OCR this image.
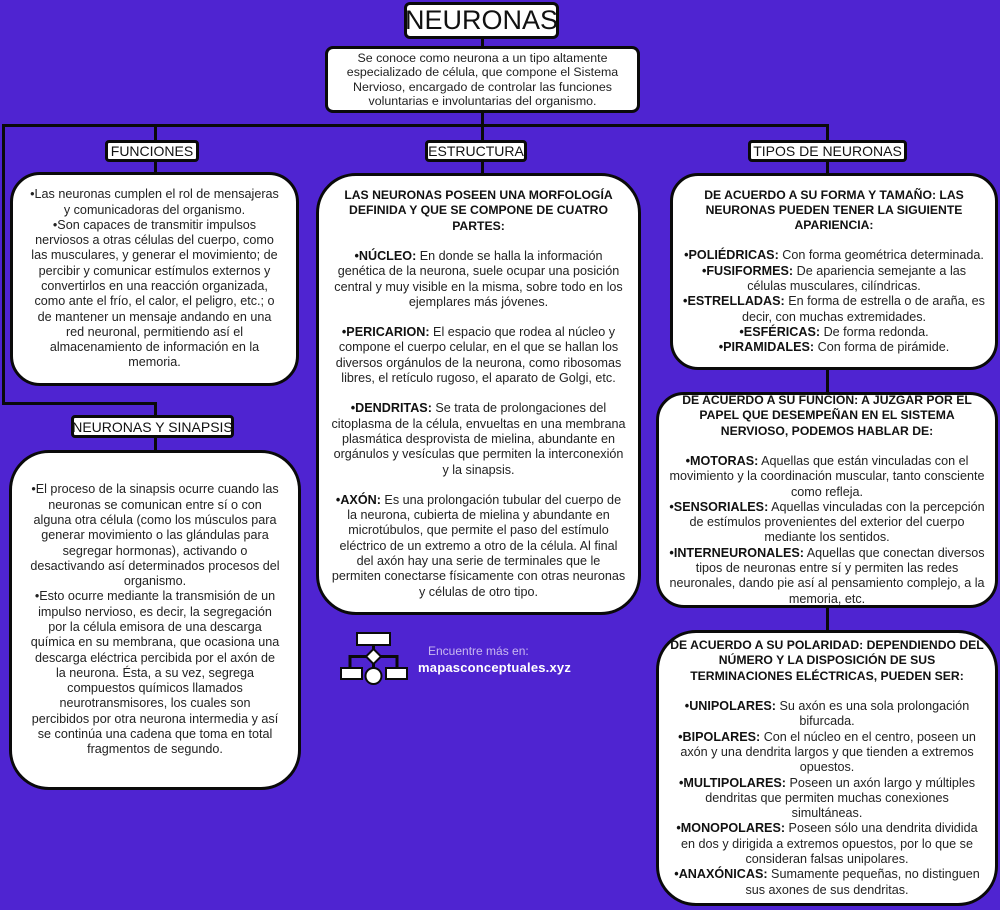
NEURONAS

Se conoce como neurona a un tipo altamente especializado de célula, que compone el Sistema Nervioso, encargado de controlar las funciones voluntarias e involuntarias del organismo.

FUNCIONES

•Las neuronas cumplen el rol de mensajeras y comunicadoras del organismo.

•Son capaces de transmitir impulsos nerviosos a otras células del cuerpo, como las musculares, y generar el movimiento; de percibir y comunicar estímulos externos y convertirlos en una reacción organizada, como ante el frío, el calor, el peligro, etc.; o de mantener un mensaje andando en una red neuronal, permitiendo así el almacenamiento de información en la memoria.

NEURONAS Y SINAPSIS

•El proceso de la sinapsis ocurre cuando las neuronas se comunican entre sí o con alguna otra célula (como los músculos para generar movimiento o las glándulas para segregar hormonas), activando o desactivando así determinados procesos del organismo.

•Esto ocurre mediante la transmisión de un impulso nervioso, es decir, la segregación por la célula emisora de una descarga química en su membrana, que ocasiona una descarga eléctrica percibida por el axón de la neurona. Ésta, a su vez, segrega compuestos químicos llamados neurotransmisores, los cuales son percibidos por otra neurona intermedia y así se continúa una cadena que toma en total fragmentos de segundo.

ESTRUCTURA

LAS NEURONAS POSEEN UNA MORFOLOGÍA DEFINIDA Y QUE SE COMPONE DE CUATRO PARTES:

•NÚCLEO: En donde se halla la información genética de la neurona, suele ocupar una posición central y muy visible en la misma, sobre todo en los ejemplares más jóvenes.

•PERICARION: El espacio que rodea al núcleo y compone el cuerpo celular, en el que se hallan los diversos orgánulos de la neurona, como ribosomas libres, el retículo rugoso, el aparato de Golgi, etc.

•DENDRITAS: Se trata de prolongaciones del citoplasma de la célula, envueltas en una membrana plasmática desprovista de mielina, abundante en orgánulos y vesículas que permiten la interconexión y la sinapsis.

•AXÓN: Es una prolongación tubular del cuerpo de la neurona, cubierta de mielina y abundante en microtúbulos, que permite el paso del estímulo eléctrico de un extremo a otro de la célula. Al final del axón hay una serie de terminales que le permiten conectarse físicamente con otras neuronas y células de otro tipo.

TIPOS DE NEURONAS

DE ACUERDO A SU FORMA Y TAMAÑO: LAS NEURONAS PUEDEN TENER LA SIGUIENTE APARIENCIA:

•POLIÉDRICAS: Con forma geométrica determinada.

•FUSIFORMES: De apariencia semejante a las células musculares, cilíndricas.

•ESTRELLADAS: En forma de estrella o de araña, es decir, con muchas extremidades.

•ESFÉRICAS: De forma redonda.

•PIRAMIDALES: Con forma de pirámide.

DE ACUERDO A SU FUNCIÓN: A JUZGAR POR EL PAPEL QUE DESEMPEÑAN EN EL SISTEMA NERVIOSO, PODEMOS HABLAR DE:

•MOTORAS: Aquellas que están vinculadas con el movimiento y la coordinación muscular, tanto consciente como refleja.

•SENSORIALES: Aquellas vinculadas con la percepción de estímulos provenientes del exterior del cuerpo mediante los sentidos.

•INTERNEURONALES: Aquellas que conectan diversos tipos de neuronas entre sí y permiten las redes neuronales, dando pie así al pensamiento complejo, a la memoria, etc.

DE ACUERDO A SU POLARIDAD: DEPENDIENDO DEL NÚMERO Y LA DISPOSICIÓN DE SUS TERMINACIONES ELÉCTRICAS, PUEDEN SER:

•UNIPOLARES: Su axón es una sola prolongación bifurcada.

•BIPOLARES: Con el núcleo en el centro, poseen un axón y una dendrita largos y que tienden a extremos opuestos.

•MULTIPOLARES: Poseen un axón largo y múltiples dendritas que permiten muchas conexiones simultáneas.

•MONOPOLARES: Poseen sólo una dendrita dividida en dos y dirigida a extremos opuestos, por lo que se consideran falsas unipolares.

•ANAXÓNICAS: Sumamente pequeñas, no distinguen sus axones de sus dendritas.

Encuentre más en:
mapasconceptuales.xyz
